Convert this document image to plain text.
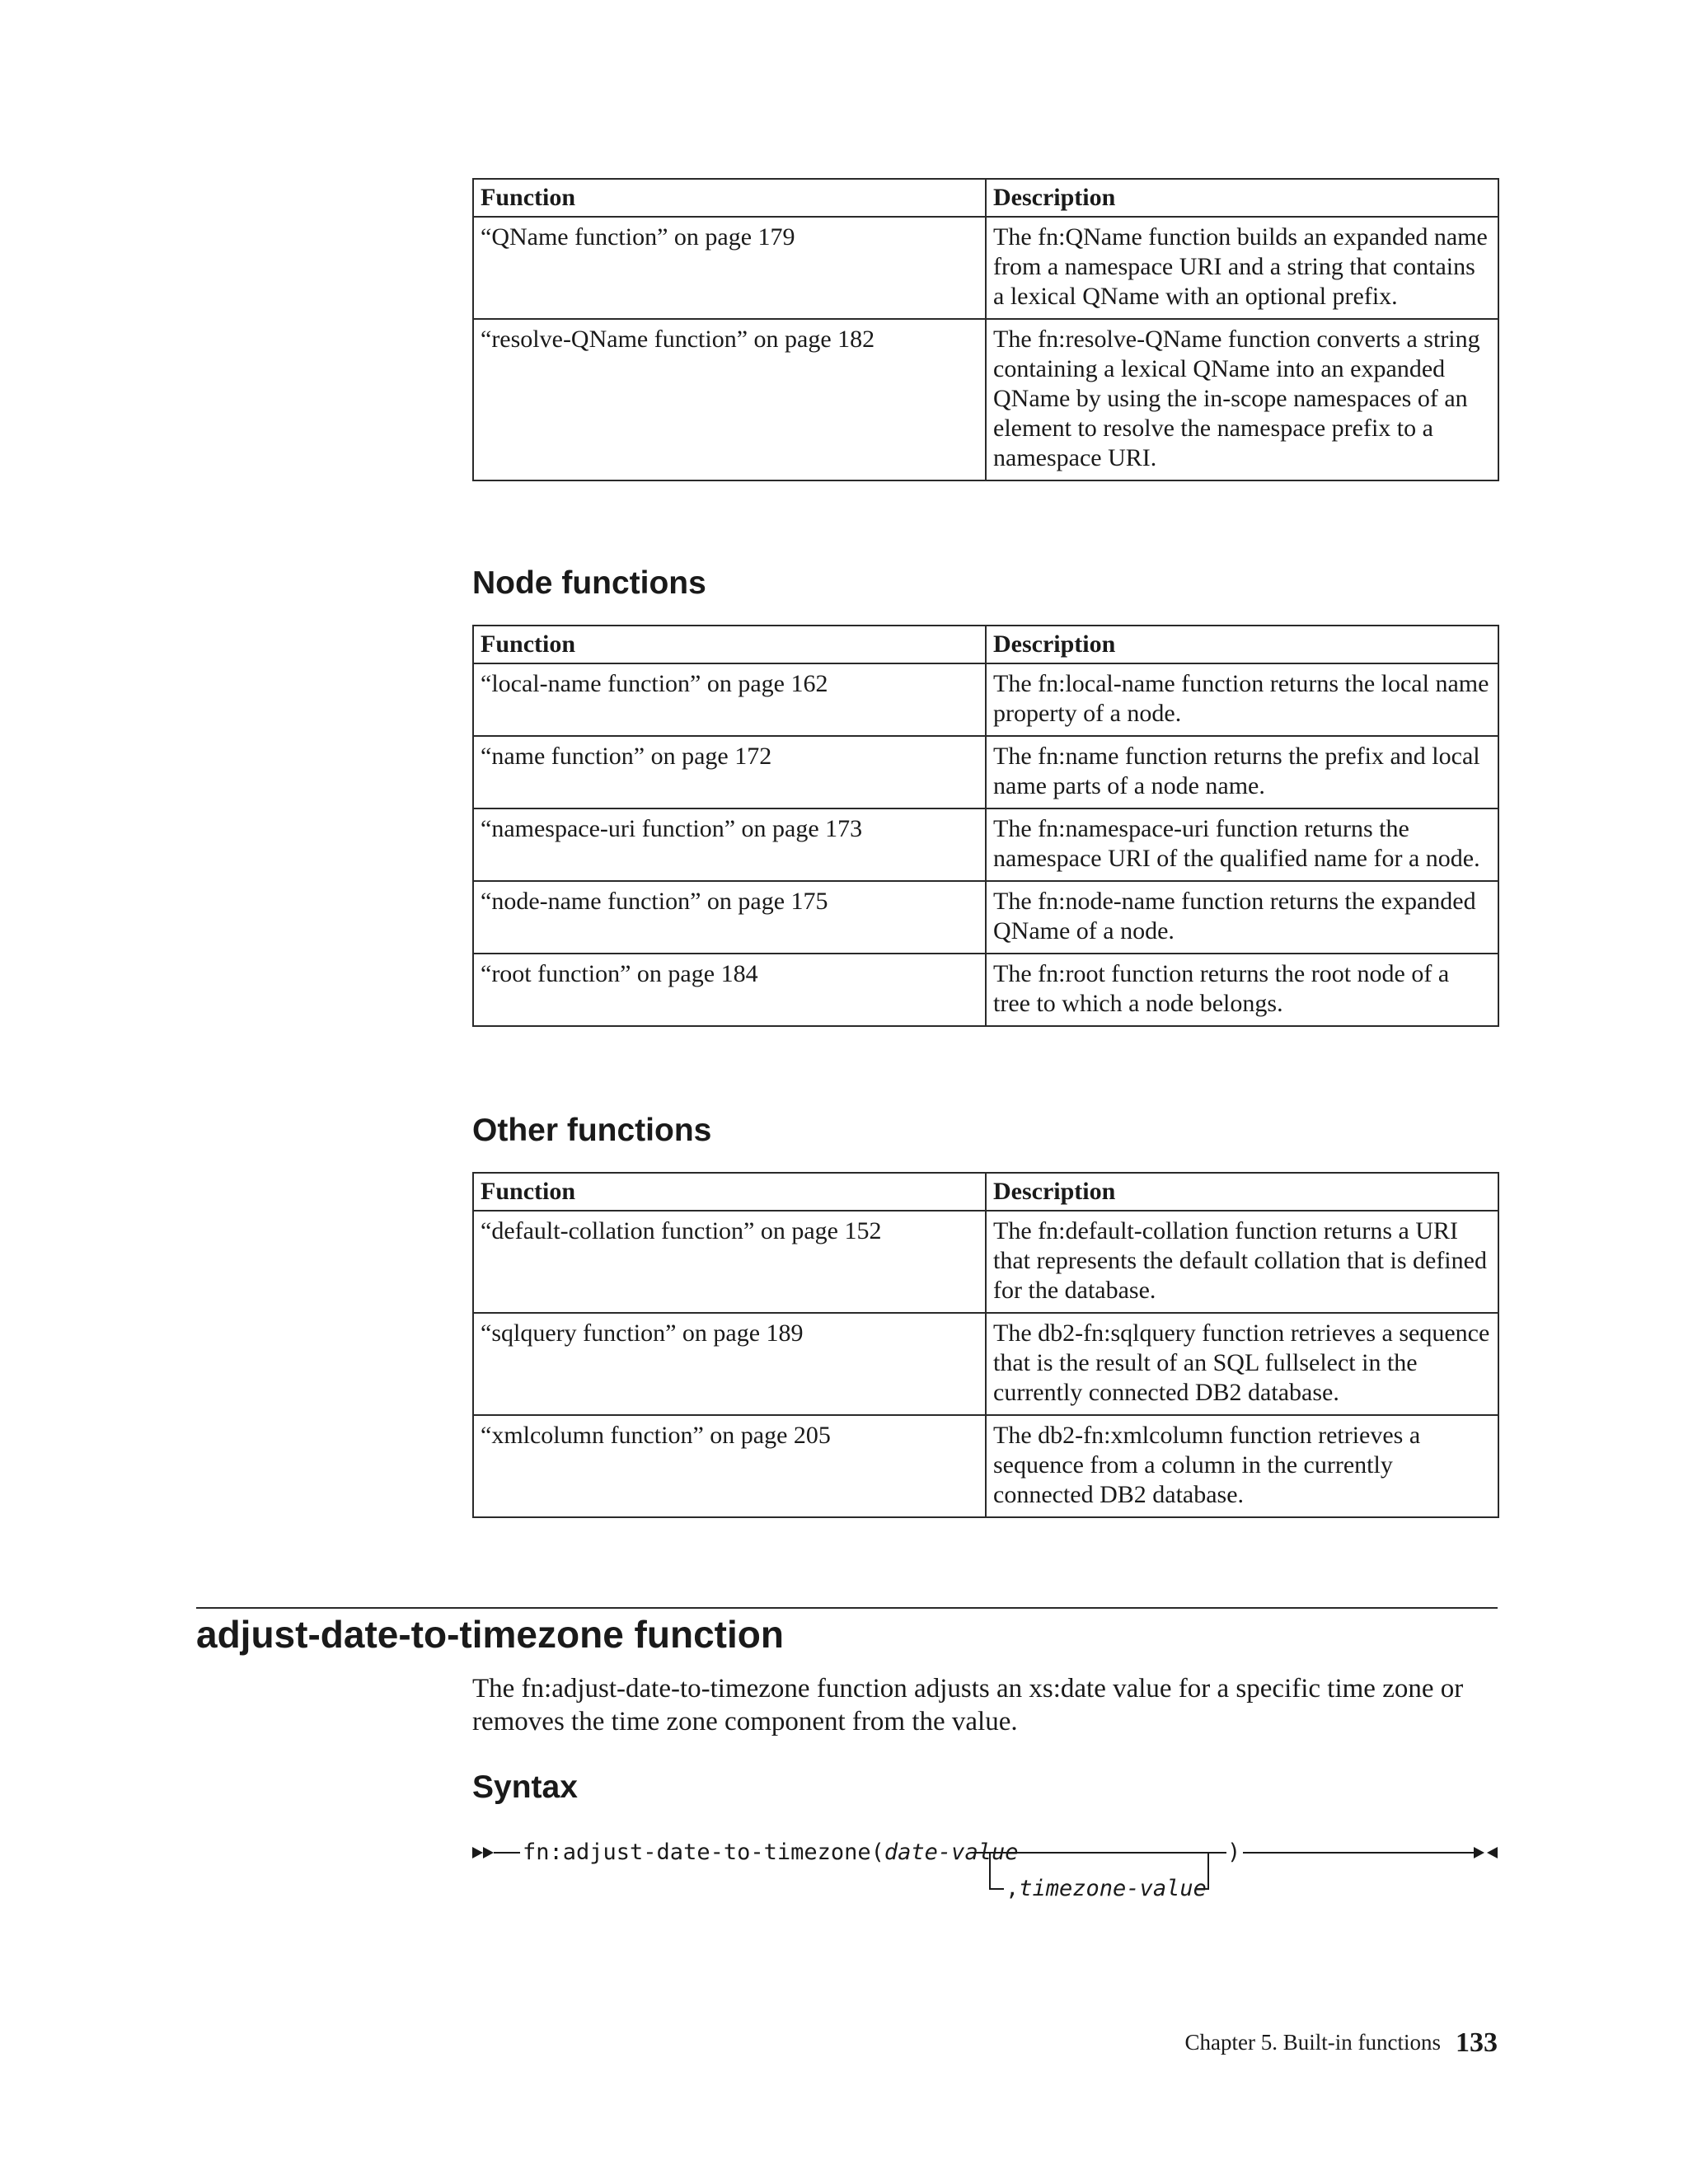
Function	Description
“QName function” on page 179	The fn:QName function builds an expanded name from a namespace URI and a string that contains a lexical QName with an optional prefix.
“resolve-QName function” on page 182	The fn:resolve-QName function converts a string containing a lexical QName into an expanded QName by using the in-scope namespaces of an element to resolve the namespace prefix to a namespace URI.
Node functions
Function	Description
“local-name function” on page 162	The fn:local-name function returns the local name property of a node.
“name function” on page 172	The fn:name function returns the prefix and local name parts of a node name.
“namespace-uri function” on page 173	The fn:namespace-uri function returns the namespace URI of the qualified name for a node.
“node-name function” on page 175	The fn:node-name function returns the expanded QName of a node.
“root function” on page 184	The fn:root function returns the root node of a tree to which a node belongs.
Other functions
Function	Description
“default-collation function” on page 152	The fn:default-collation function returns a URI that represents the default collation that is defined for the database.
“sqlquery function” on page 189	The db2-fn:sqlquery function retrieves a sequence that is the result of an SQL fullselect in the currently connected DB2 database.
“xmlcolumn function” on page 205	The db2-fn:xmlcolumn function retrieves a sequence from a column in the currently connected DB2 database.
adjust-date-to-timezone function

The fn:adjust-date-to-timezone function adjusts an xs:date value for a specific time zone or removes the time zone component from the value.

Syntax
fn:adjust-date-to-timezone(date-value	)
,timezone-value
Chapter 5. Built-in functions 133
